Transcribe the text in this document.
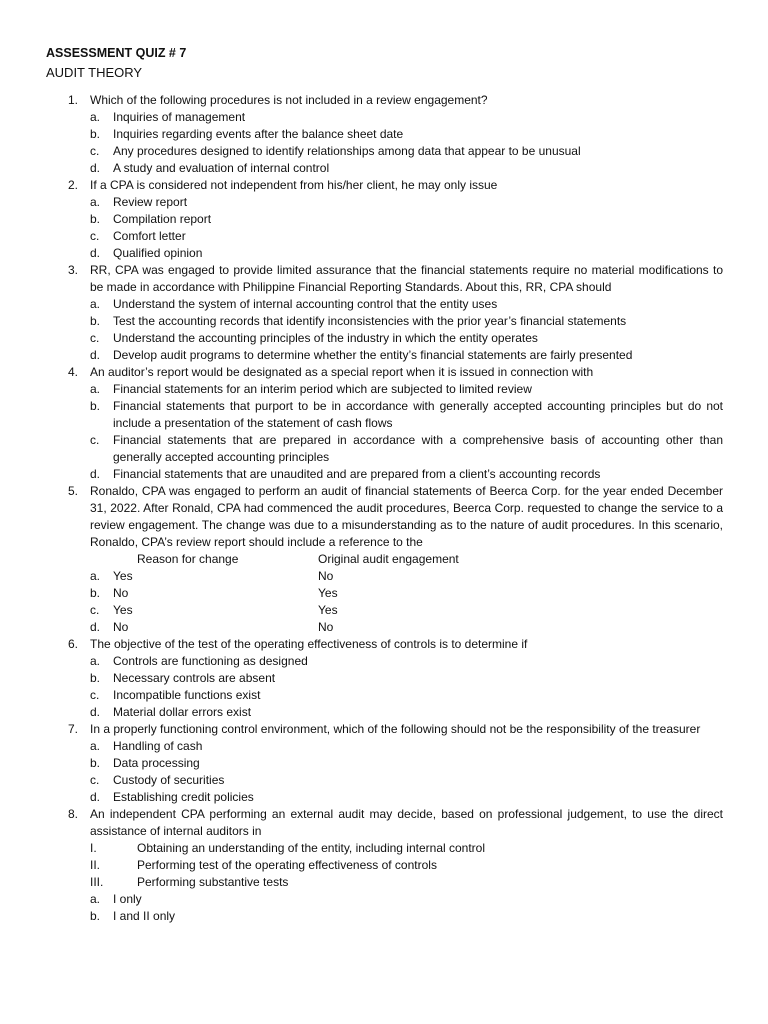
ASSESSMENT QUIZ # 7
AUDIT THEORY
1. Which of the following procedures is not included in a review engagement?
a. Inquiries of management
b. Inquiries regarding events after the balance sheet date
c. Any procedures designed to identify relationships among data that appear to be unusual
d. A study and evaluation of internal control
2. If a CPA is considered not independent from his/her client, he may only issue
a. Review report
b. Compilation report
c. Comfort letter
d. Qualified opinion
3. RR, CPA was engaged to provide limited assurance that the financial statements require no material modifications to be made in accordance with Philippine Financial Reporting Standards. About this, RR, CPA should
a. Understand the system of internal accounting control that the entity uses
b. Test the accounting records that identify inconsistencies with the prior year’s financial statements
c. Understand the accounting principles of the industry in which the entity operates
d. Develop audit programs to determine whether the entity’s financial statements are fairly presented
4. An auditor’s report would be designated as a special report when it is issued in connection with
a. Financial statements for an interim period which are subjected to limited review
b. Financial statements that purport to be in accordance with generally accepted accounting principles but do not include a presentation of the statement of cash flows
c. Financial statements that are prepared in accordance with a comprehensive basis of accounting other than generally accepted accounting principles
d. Financial statements that are unaudited and are prepared from a client’s accounting records
5. Ronaldo, CPA was engaged to perform an audit of financial statements of Beerca Corp. for the year ended December 31, 2022. After Ronald, CPA had commenced the audit procedures, Beerca Corp. requested to change the service to a review engagement. The change was due to a misunderstanding as to the nature of audit procedures. In this scenario, Ronaldo, CPA’s review report should include a reference to the
Reason for change	Original audit engagement
a. Yes	No
b. No	Yes
c. Yes	Yes
d. No	No
6. The objective of the test of the operating effectiveness of controls is to determine if
a. Controls are functioning as designed
b. Necessary controls are absent
c. Incompatible functions exist
d. Material dollar errors exist
7. In a properly functioning control environment, which of the following should not be the responsibility of the treasurer
a. Handling of cash
b. Data processing
c. Custody of securities
d. Establishing credit policies
8. An independent CPA performing an external audit may decide, based on professional judgement, to use the direct assistance of internal auditors in
I.	Obtaining an understanding of the entity, including internal control
II.	Performing test of the operating effectiveness of controls
III.	Performing substantive tests
a. I only
b. I and II only
